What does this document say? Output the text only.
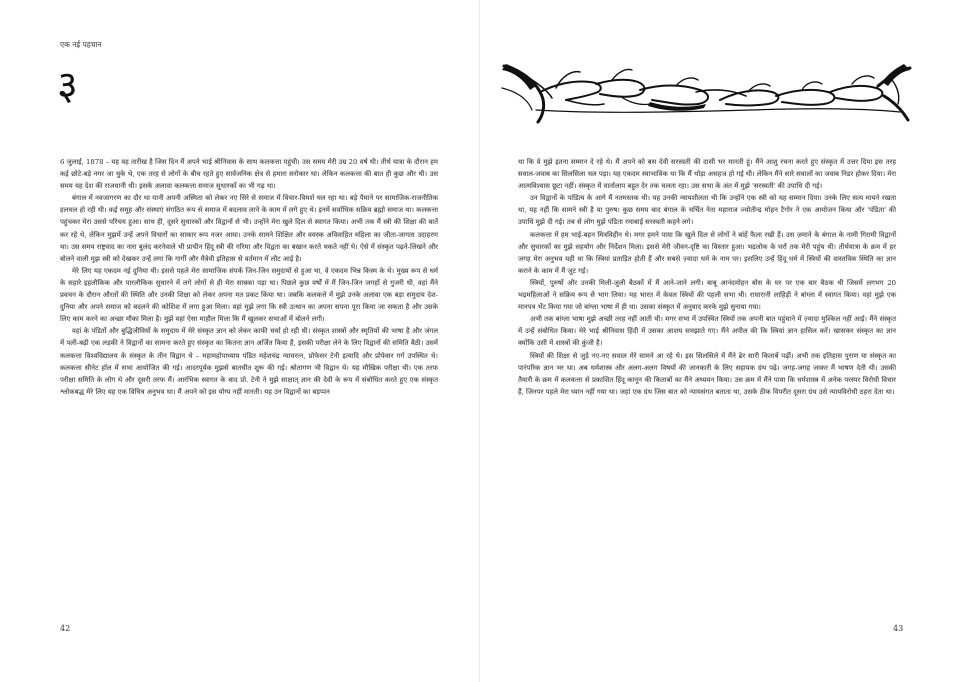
एक नई पहचान
३

6 जुलाई, 1878 – यह वह तारीख है जिस दिन मैं अपने भाई श्रीनिवास के साथ कलकत्ता पहुंची। उस समय मेरी उम्र 20 वर्ष थी। तीर्थ यात्रा के दौरान हम कई छोटे-बड़े नगर जा चुके थे, एक तरह से लोगों के बीच रहते हुए सार्वजनिक क्षेत्र से हमारा सरोकार था। लेकिन कलकत्ता की बात ही कुछ और थी। उस समय यह देश की राजधानी थी। इसके अलावा कलकत्ता समाज सुधारकों का भी गढ़ था।

बंगाल में नवजागरण का दौर था यानी अपनी अस्मिता को लेकर नए सिरे से समाज में विचार-विमर्श चल रहा था। बड़े पैमाने पर सामाजिक-राजनीतिक हलचल हो रही थी। कई समूह और संस्थाएं संगठित रूप से समाज में बदलाव लाने के काम में लगे हुए थे। इनमें सर्वाधिक सक्रिय ब्रह्मो समाज था। कलकत्ता पहुंचकर मेरा उससे परिचय हुआ। साथ ही, दूसरे सुधारकों और विद्वानों से भी। उन्होंने मेरा खुले दिल से स्वागत किया। अभी तक मैं स्त्री की शिक्षा की बातें कर रहे थे, लेकिन मुझमें उन्हें अपने विचारों का साकार रूप नजर आया। उनके सामने शिक्षित और वयस्क अविवाहित महिला का जीता-जागता उदाहरण था। उस समय राष्ट्रवाद का नारा बुलंद करनेवाले भी प्राचीन हिंदू स्त्री की गरिमा और विद्वता का बखान करते थकते नहीं थे। ऐसे में संस्कृत पढ़ने-लिखने और बोलने वाली मुझ स्त्री को देखकर उन्हें लगा कि गार्गी और मैत्रेयी इतिहास से वर्तमान में लौट आई है।

मेरे लिए यह एकदम नई दुनिया थी। इससे पहले मेरा सामाजिक संपर्क जिन-जिन समुदायों से हुआ था, वे एकदम भिन्न किस्म के थे। मुख्य रूप से धर्म के सहारे इहलौकिक और पारलौकिक सुधारने में लगे लोगों से ही मेरा साबका पड़ा था। पिछले कुछ वर्षों में मैं जिन-जिन जगहों से गुजरी थी, वहां मैंने प्रवचन के दौरान औरतों की स्थिति और उनकी शिक्षा को लेकर अपना मत प्रकट किया था। जबकि कलकत्ते में मुझे उनके अलावा एक बड़ा समुदाय देश-दुनिया और अपने समाज को बदलने की कोशिश में लगा हुआ मिला। वहां मुझे लगा कि स्त्री उत्थान का अपना सपना पूरा किया जा सकता है और उसके लिए काम करने का अच्छा मौका मिला है। मुझे वहां ऐसा माहौल मिला कि मैं खुलकर सभाओं में बोलने लगी।

वहां के पंडितों और बुद्धिजीवियों के समुदाय में मेरे संस्कृत ज्ञान को लेकर काफी चर्चा हो रही थी। संस्कृत शास्त्रों और स्मृतियों की भाषा है और जंगल में पली-बढ़ी एक लड़की ने विद्वानों का सामना करते हुए संस्कृत का कितना ज्ञान अर्जित किया है, इसकी परीक्षा लेने के लिए विद्वानों की समिति बैठी। उसमें कलकत्ता विश्वविद्यालय के संस्कृत के तीन विद्वान थे – महामहोपाध्याय पंडित महेशचंद्र न्यायरत्न, प्रोफेसर टेनी इत्यादि और प्रोफेसर गर्ग उपस्थित थे। कलकत्ता सीनेट हॉल में सभा आयोजित की गई। आदरपूर्वक मुझसे बातचीत शुरू की गई। श्रोतागण भी विद्वान थे। यह मौखिक परीक्षा थी। एक तरफ परीक्षा समिति के लोग थे और दूसरी तरफ मैं। आरंभिक स्वागत के बाद प्रो. टेनी ने मुझे साक्षात् ज्ञान की देवी के रूप में संबोधित करते हुए एक संस्कृत श्लोकबद्ध मेरे लिए यह एक विचित्र अनुभव था। मैं अपने को इस योग्य नहीं मानती। यह उन विद्वानों का बड़प्पन

42

था कि वे मुझे इतना सम्मान दे रहे थे। मैं अपने को बस देवी सरस्वती की दासी भर मानती हूं। मैंने आशु रचना करते हुए संस्कृत में उत्तर दिया इस तरह सवाल-जवाब का सिलसिला चल पड़ा। यह एकदम स्वाभाविक था कि मैं थोड़ा असहज हो गई थी। लेकिन मैंने सारे सवालों का जवाब निडर होकर दिया। मेरा आत्मविश्वास छूटा नहीं। संस्कृत में वार्तालाप बहुत देर तक चलता रहा। उस सभा के अंत में मुझे 'सरस्वती' की उपाधि दी गई।

उन विद्वानों के पांडित्य के आगे मैं नतमस्तक थी। यह उनकी न्यायशीलता थी कि उन्होंने एक स्त्री को यह सम्मान दिया। उनके लिए सत्य मायने रखता था, यह नहीं कि सामने स्त्री है या पुरुष। कुछ समय बाद बंगाल के चर्चित नेता महाराज ज्योतीन्द्र मोहन टैगोर ने एक आयोजन किया और 'पंडिता' की उपाधि मुझे दी गई। तब से लोग मुझे पंडिता रमाबाई सरस्वती कहने लगे।

कलकत्ता में हम भाई-बहन मित्रविहीन थे। मगर हमने पाया कि खुले दिल से लोगों ने बांहें फैला रखी हैं। उस ज़माने के बंगाल के नामी गिरामी विद्वानों और सुधारकों का मुझे सहयोग और निर्देशन मिला। इससे मेरी जीवन-दृष्टि का विस्तार हुआ। भद्रलोक के घरों तक मेरी पहुंच थी। तीर्थयात्रा के क्रम में हर जगह मेरा अनुभव यही था कि स्त्रियां प्रताड़ित होती हैं और सबसे ज़्यादा धर्म के नाम पर। इसलिए उन्हें हिंदू धर्म में स्त्रियों की वास्तविक स्थिति का ज्ञान कराने के काम में मैं जुट गई।

स्त्रियों, पुरुषों और उनकी मिली-जुली बैठकों में मैं आने-जाने लगी। बाबू आनंदमोहन बोस के घर पर एक बार बैठक थी जिसमें लगभग 20 भद्रमहिलाओं ने सक्रिय रूप से भाग लिया। यह भारत में केवल स्त्रियों की पहली सभा थी। राधारानी लाहिड़ी ने बांग्ला में स्वागत किया। वहां मुझे एक मानपत्र भेंट किया गया जो बांग्ला भाषा में ही था। उसका संस्कृत में अनुवाद करके मुझे सुनाया गया।

अभी तक बांग्ला भाषा मुझे अच्छी तरह नहीं आती थी। मगर सभा में उपस्थित स्त्रियों तक अपनी बात पहुंचाने में ज़्यादा मुश्किल नहीं आई। मैंने संस्कृत में उन्हें संबोधित किया। मेरे भाई श्रीनिवास हिंदी में उसका आशय समझाते गए। मैंने अपील की कि स्त्रियां ज्ञान हासिल करें। खासकर संस्कृत का ज्ञान क्योंकि उसी में शास्त्रों की कुंजी है।

स्त्रियों की शिक्षा से जुड़े नए-नए सवाल मेरे सामने आ रहे थे। इस सिलसिले में मैंने ढेर सारी किताबें पढ़ीं। अभी तक इतिहास पुराण या संस्कृत का पारंपरिक ज्ञान भर था। अब धर्मशास्त्र और अलग-अलग विषयों की जानकारी के लिए सहायक ग्रंथ पढ़े। जगह-जगह जाकर मैं भाषण देती थी। उसकी तैयारी के क्रम में कलकत्ता से प्रकाशित हिंदू कानून की किताबों का मैंने अध्ययन किया। उस क्रम में मैंने पाया कि धर्मशास्त्र में अनेक परस्पर विरोधी विचार हैं, जिनपर पहले मेरा ध्यान नहीं गया था। जहां एक ग्रंथ जिस बात को न्यायसंगत बताता था, उसके ठीक विपरीत दूसरा ग्रंथ उसे न्यायविरोधी ठहरा देता था।

43
